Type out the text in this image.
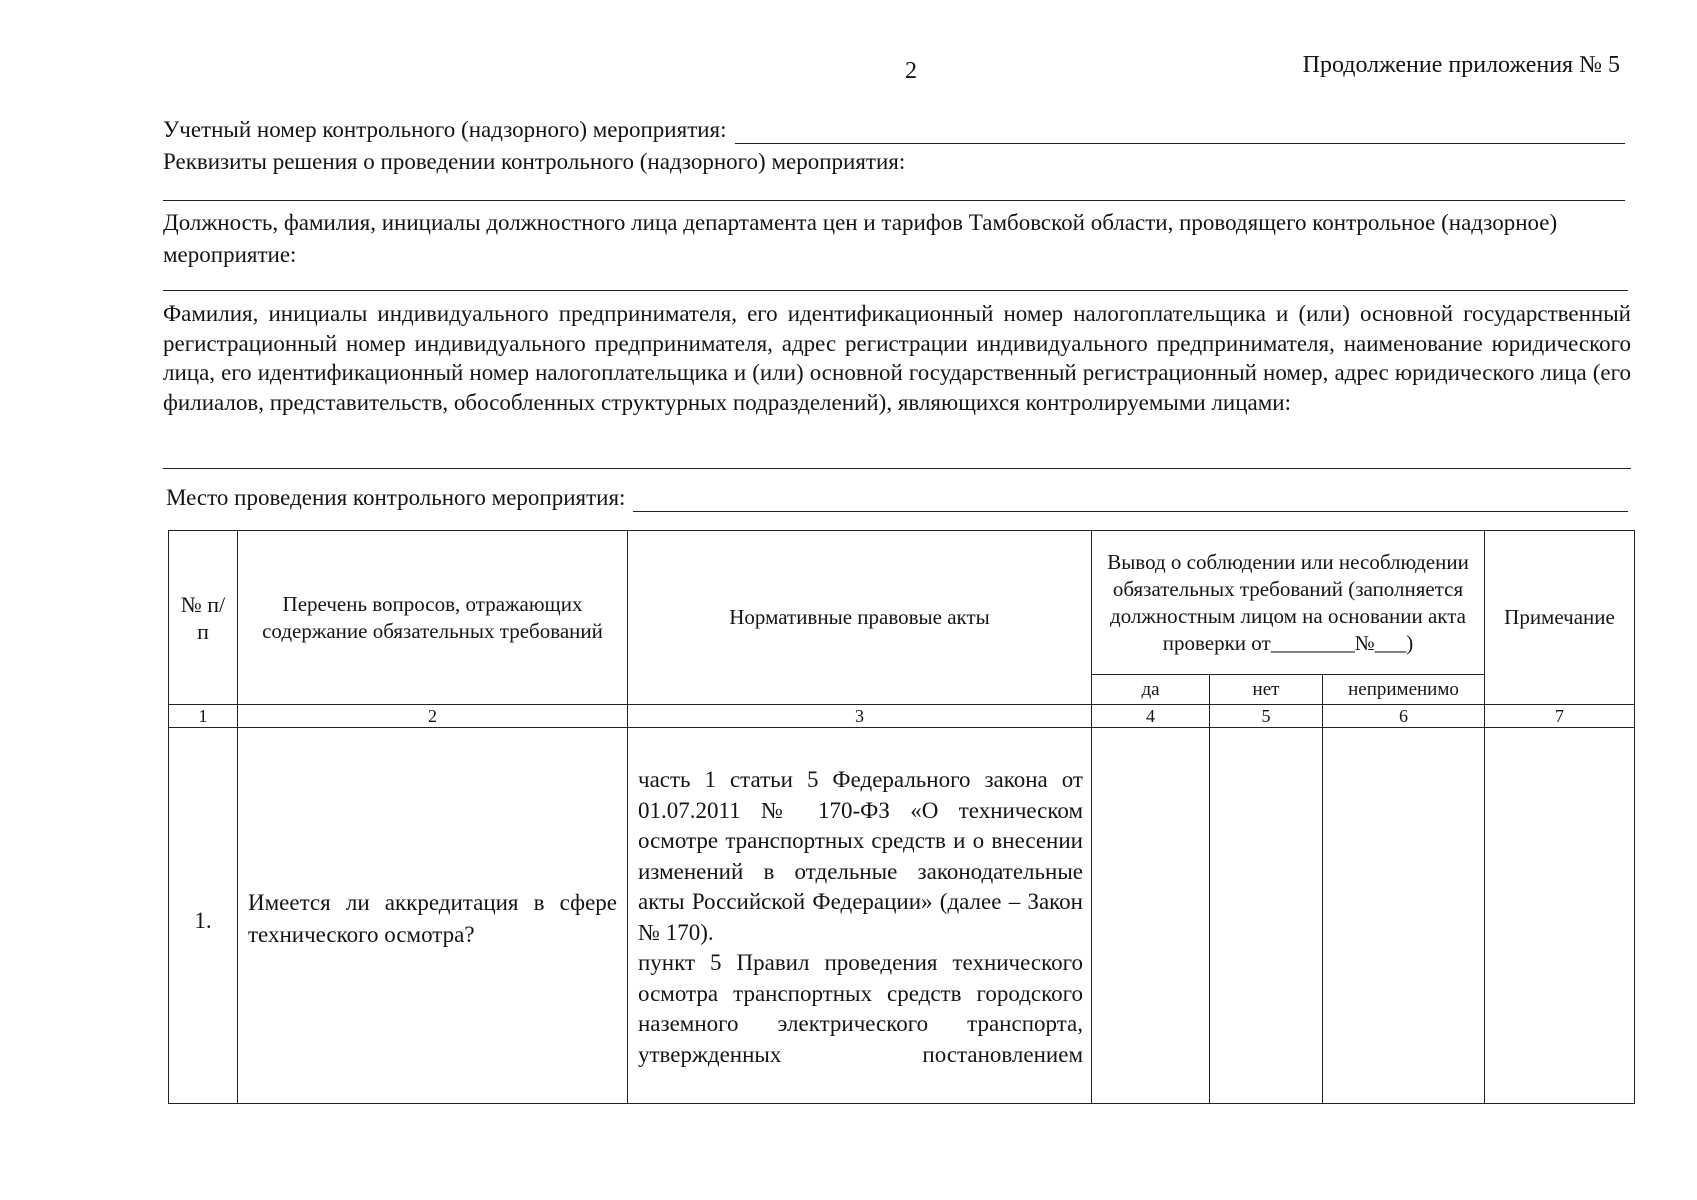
2	Продолжение приложения № 5
Учетный номер контрольного (надзорного) мероприятия:
Реквизиты решения о проведении контрольного (надзорного) мероприятия:
Должность, фамилия, инициалы должностного лица департамента цен и тарифов Тамбовской области, проводящего контрольное (надзорное) мероприятие:
Фамилия, инициалы индивидуального предпринимателя, его идентификационный номер налогоплательщика и (или) основной государственный регистрационный номер индивидуального предпринимателя, адрес регистрации индивидуального предпринимателя, наименование юридического лица, его идентификационный номер налогоплательщика и (или) основной государственный регистрационный номер, адрес юридического лица (его филиалов, представительств, обособленных структурных подразделений), являющихся контролируемыми лицами:
Место проведения контрольного мероприятия:
№ п/п	Перечень вопросов, отражающих содержание обязательных требований	Нормативные правовые акты	Вывод о соблюдении или несоблюдении обязательных требований (заполняется должностным лицом на основании акта проверки от________№___)			Примечание

			да	нет	неприменимо	
1	2	3	4	5	6	7
1.	Имеется ли аккредитация в сфере технического осмотра?	часть 1 статьи 5 Федерального закона от 01.07.2011 № 170-ФЗ «О техническом осмотре транспортных средств и о внесении изменений в отдельные законодательные акты Российской Федерации» (далее – Закон № 170).

пункт 5 Правил проведения технического осмотра транспортных средств городского наземного электрического транспорта, утвержденных постановлением				
